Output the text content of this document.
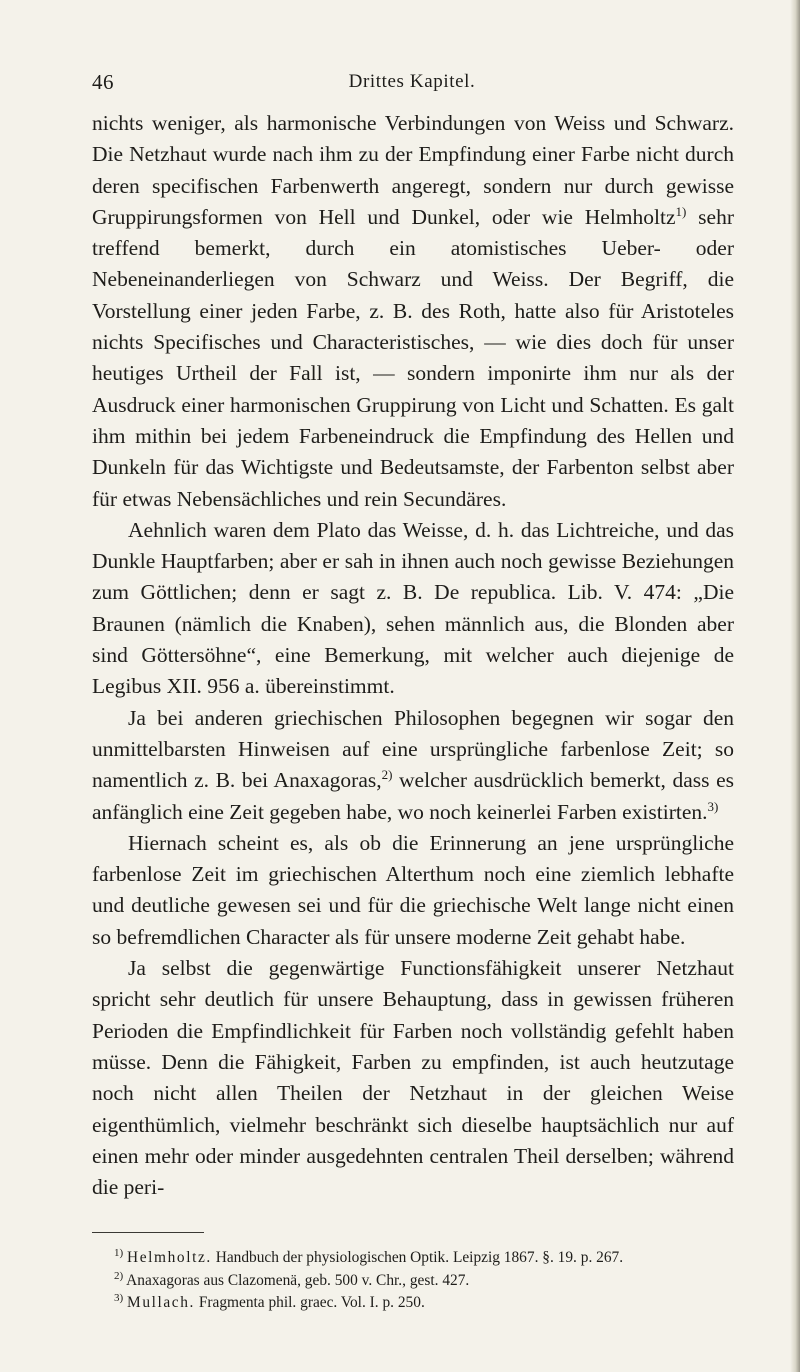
46	Drittes Kapitel.

nichts weniger, als harmonische Verbindungen von Weiss und Schwarz. Die Netzhaut wurde nach ihm zu der Empfindung einer Farbe nicht durch deren specifischen Farbenwerth angeregt, sondern nur durch gewisse Gruppirungsformen von Hell und Dunkel, oder wie Helmholtz$^{1)}$ sehr treffend bemerkt, durch ein atomistisches Ueber- oder Nebeneinanderliegen von Schwarz und Weiss. Der Begriff, die Vorstellung einer jeden Farbe, z. B. des Roth, hatte also für Aristoteles nichts Specifisches und Characteristisches, — wie dies doch für unser heutiges Urtheil der Fall ist, — sondern imponirte ihm nur als der Ausdruck einer harmonischen Gruppirung von Licht und Schatten. Es galt ihm mithin bei jedem Farbeneindruck die Empfindung des Hellen und Dunkeln für das Wichtigste und Bedeutsamste, der Farbenton selbst aber für etwas Nebensächliches und rein Secundäres.

Aehnlich waren dem Plato das Weisse, d. h. das Lichtreiche, und das Dunkle Hauptfarben; aber er sah in ihnen auch noch gewisse Beziehungen zum Göttlichen; denn er sagt z. B. De republica. Lib. V. 474: „Die Braunen (nämlich die Knaben), sehen männlich aus, die Blonden aber sind Göttersöhne“, eine Bemerkung, mit welcher auch diejenige de Legibus XII. 956 a. übereinstimmt.

Ja bei anderen griechischen Philosophen begegnen wir sogar den unmittelbarsten Hinweisen auf eine ursprüngliche farbenlose Zeit; so namentlich z. B. bei Anaxagoras,$^{2)}$ welcher ausdrücklich bemerkt, dass es anfänglich eine Zeit gegeben habe, wo noch keinerlei Farben existirten.$^{3)}$

Hiernach scheint es, als ob die Erinnerung an jene ursprüngliche farbenlose Zeit im griechischen Alterthum noch eine ziemlich lebhafte und deutliche gewesen sei und für die griechische Welt lange nicht einen so befremdlichen Character als für unsere moderne Zeit gehabt habe.

Ja selbst die gegenwärtige Functionsfähigkeit unserer Netzhaut spricht sehr deutlich für unsere Behauptung, dass in gewissen früheren Perioden die Empfindlichkeit für Farben noch vollständig gefehlt haben müsse. Denn die Fähigkeit, Farben zu empfinden, ist auch heutzutage noch nicht allen Theilen der Netzhaut in der gleichen Weise eigenthümlich, vielmehr beschränkt sich dieselbe hauptsächlich nur auf einen mehr oder minder ausgedehnten centralen Theil derselben; während die peri-

$^{1)}$ Helmholtz. Handbuch der physiologischen Optik. Leipzig 1867. §. 19. p. 267.

$^{2)}$ Anaxagoras aus Clazomenä, geb. 500 v. Chr., gest. 427.

$^{3)}$ Mullach. Fragmenta phil. graec. Vol. I. p. 250.
